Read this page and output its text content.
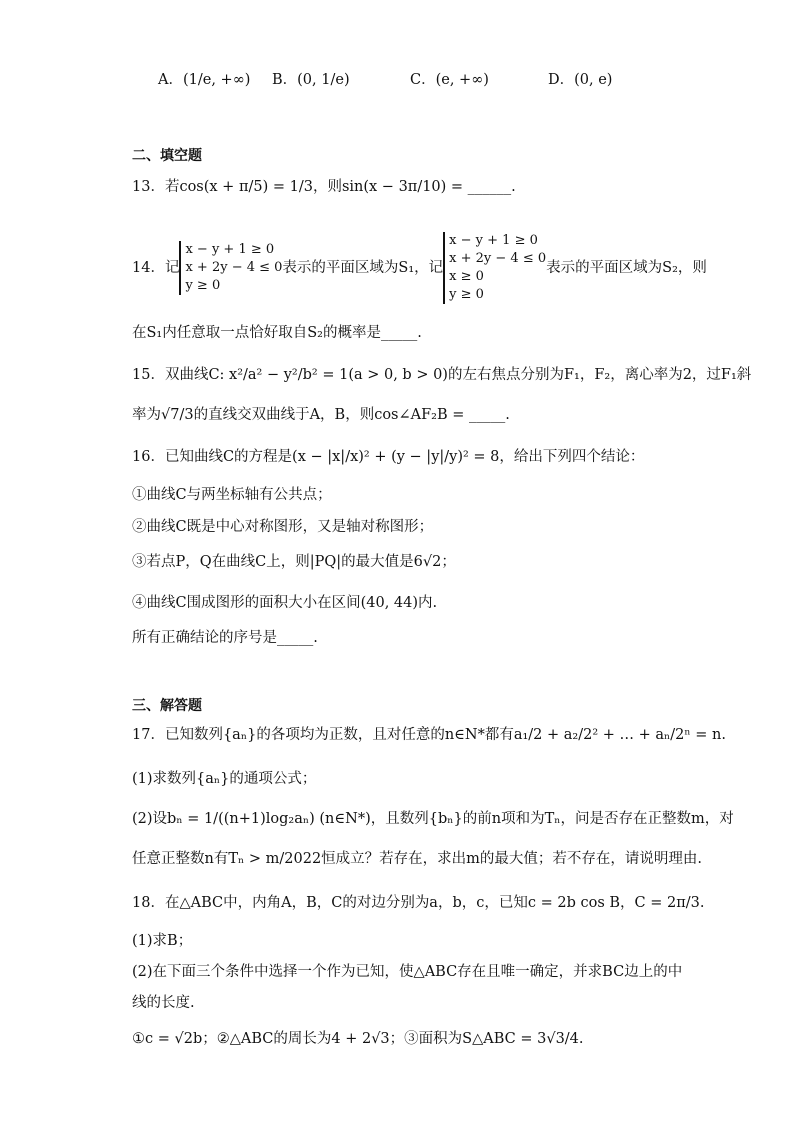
A．(1/e, +∞) B．(0, 1/e)	C．(e, +∞)	D．(0, e)
二、填空题
13．若cos(x + π/5) = 1/3，则sin(x − 3π/10) = ______.
14．记x − y + 1 ≥ 0
x + 2y − 4 ≤ 0
y ≥ 0表示的平面区域为S₁，记x − y + 1 ≥ 0
x + 2y − 4 ≤ 0
x ≥ 0
y ≥ 0表示的平面区域为S₂，则
在S₁内任意取一点恰好取自S₂的概率是_____.
15．双曲线C: x²/a² − y²/b² = 1(a > 0, b > 0)的左右焦点分别为F₁，F₂，离心率为2，过F₁斜
率为√7/3的直线交双曲线于A，B，则cos∠AF₂B = _____.
16．已知曲线C的方程是(x − |x|/x)² + (y − |y|/y)² = 8，给出下列四个结论：
①曲线C与两坐标轴有公共点；
②曲线C既是中心对称图形，又是轴对称图形；
③若点P，Q在曲线C上，则|PQ|的最大值是6√2；
④曲线C围成图形的面积大小在区间(40, 44)内.
所有正确结论的序号是_____.
三、解答题
17．已知数列{aₙ}的各项均为正数，且对任意的n∈N*都有a₁/2 + a₂/2² + … + aₙ/2ⁿ = n.
(1)求数列{aₙ}的通项公式；
(2)设bₙ = 1/((n+1)log₂aₙ) (n∈N*)，且数列{bₙ}的前n项和为Tₙ，问是否存在正整数m，对
任意正整数n有Tₙ > m/2022恒成立？若存在，求出m的最大值；若不存在，请说明理由.
18．在△ABC中，内角A，B，C的对边分别为a，b，c，已知c = 2b cos B，C = 2π/3.
(1)求B；
(2)在下面三个条件中选择一个作为已知，使△ABC存在且唯一确定，并求BC边上的中
线的长度.
①c = √2b；②△ABC的周长为4 + 2√3；③面积为S△ABC = 3√3/4.
